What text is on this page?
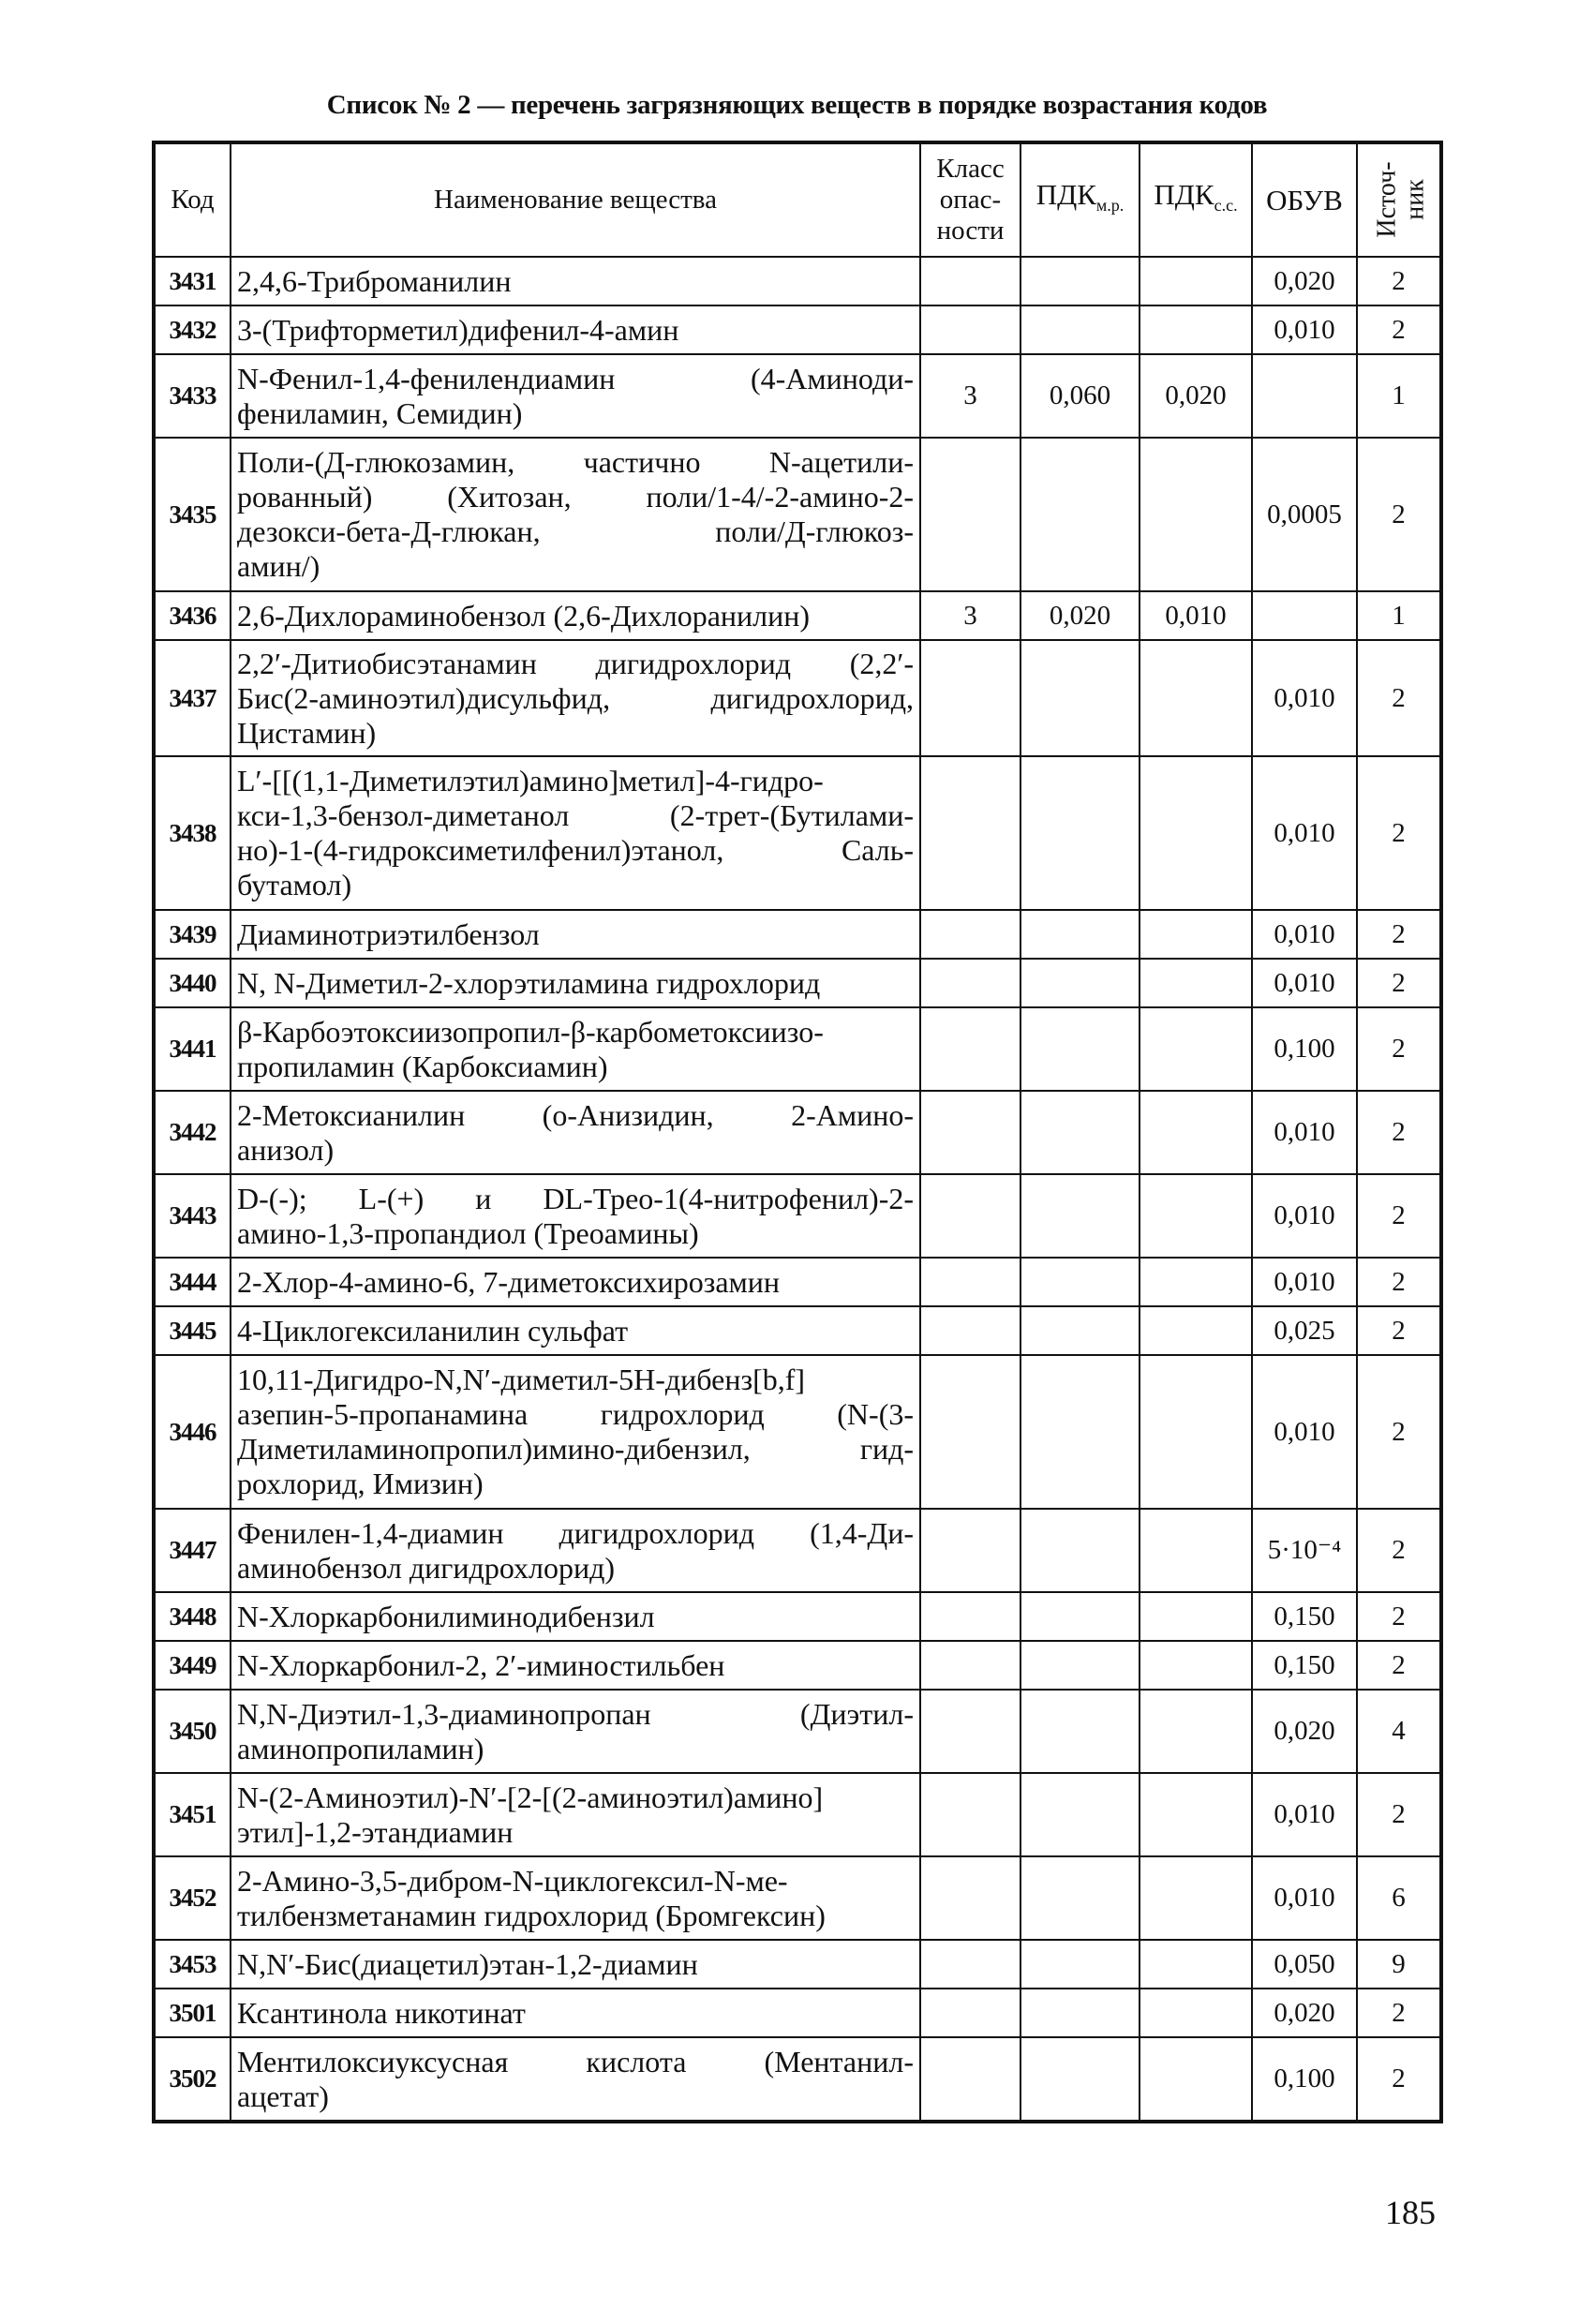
Список № 2 — перечень загрязняющих веществ в порядке возрастания кодов
Код	Наименование вещества	Класс
опас-
ности	$ПДК_{м.р.}$	$ПДК_{с.с.}$	ОБУВ	Источ- ник

3431	2,4,6-Триброманилин				0,020	2
3432	3-(Трифторметил)дифенил-4-амин				0,010	2
3433	N-Фенил-1,4-фенилендиамин (4-Аминоди-
фениламин, Семидин)	3	0,060	0,020		1
3435	Поли-(Д-глюкозамин, частично N-ацетили-
рованный) (Хитозан, поли/1-4/-2-амино-2-
дезокси-бета-Д-глюкан, поли/Д-глюкоз-
амин/)				0,0005	2
3436	2,6-Дихлораминобензол (2,6-Дихлоранилин)	3	0,020	0,010		1
3437	2,2′-Дитиобисэтанамин дигидрохлорид (2,2′-
Бис(2-аминоэтил)дисульфид, дигидрохлорид,
Цистамин)				0,010	2
3438	L′-[[(1,1-Диметилэтил)амино]метил]-4-гидро-
кси-1,3-бензол-диметанол (2-трет-(Бутилами-
но)-1-(4-гидроксиметилфенил)этанол, Саль-
бутамол)				0,010	2
3439	Диаминотриэтилбензол				0,010	2
3440	N, N-Диметил-2-хлорэтиламина гидрохлорид				0,010	2
3441	β-Карбоэтоксиизопропил-β-карбометоксиизо-
пропиламин (Карбоксиамин)				0,100	2
3442	2-Метоксианилин (о-Анизидин, 2-Амино-
анизол)				0,010	2
3443	D-(-); L-(+) и DL-Трео-1(4-нитрофенил)-2-
амино-1,3-пропандиол (Треоамины)				0,010	2
3444	2-Хлор-4-амино-6, 7-диметоксихирозамин				0,010	2
3445	4-Циклогексиланилин сульфат				0,025	2
3446	10,11-Дигидро-N,N′-диметил-5H-дибенз[b,f]
азепин-5-пропанамина гидрохлорид (N-(3-
Диметиламинопропил)имино-дибензил, гид-
рохлорид, Имизин)				0,010	2
3447	Фенилен-1,4-диамин дигидрохлорид (1,4-Ди-
аминобензол дигидрохлорид)				5·10⁻⁴	2
3448	N-Хлоркарбонилиминодибензил				0,150	2
3449	N-Хлоркарбонил-2, 2′-иминостильбен				0,150	2
3450	N,N-Диэтил-1,3-диаминопропан (Диэтил-
аминопропиламин)				0,020	4
3451	N-(2-Аминоэтил)-N′-[2-[(2-аминоэтил)амино]
этил]-1,2-этандиамин				0,010	2
3452	2-Амино-3,5-дибром-N-циклогексил-N-ме-
тилбензметанамин гидрохлорид (Бромгексин)				0,010	6
3453	N,N′-Бис(диацетил)этан-1,2-диамин				0,050	9
3501	Ксантинола никотинат				0,020	2
3502	Ментилоксиуксусная кислота (Ментанил-
ацетат)				0,100	2
185
